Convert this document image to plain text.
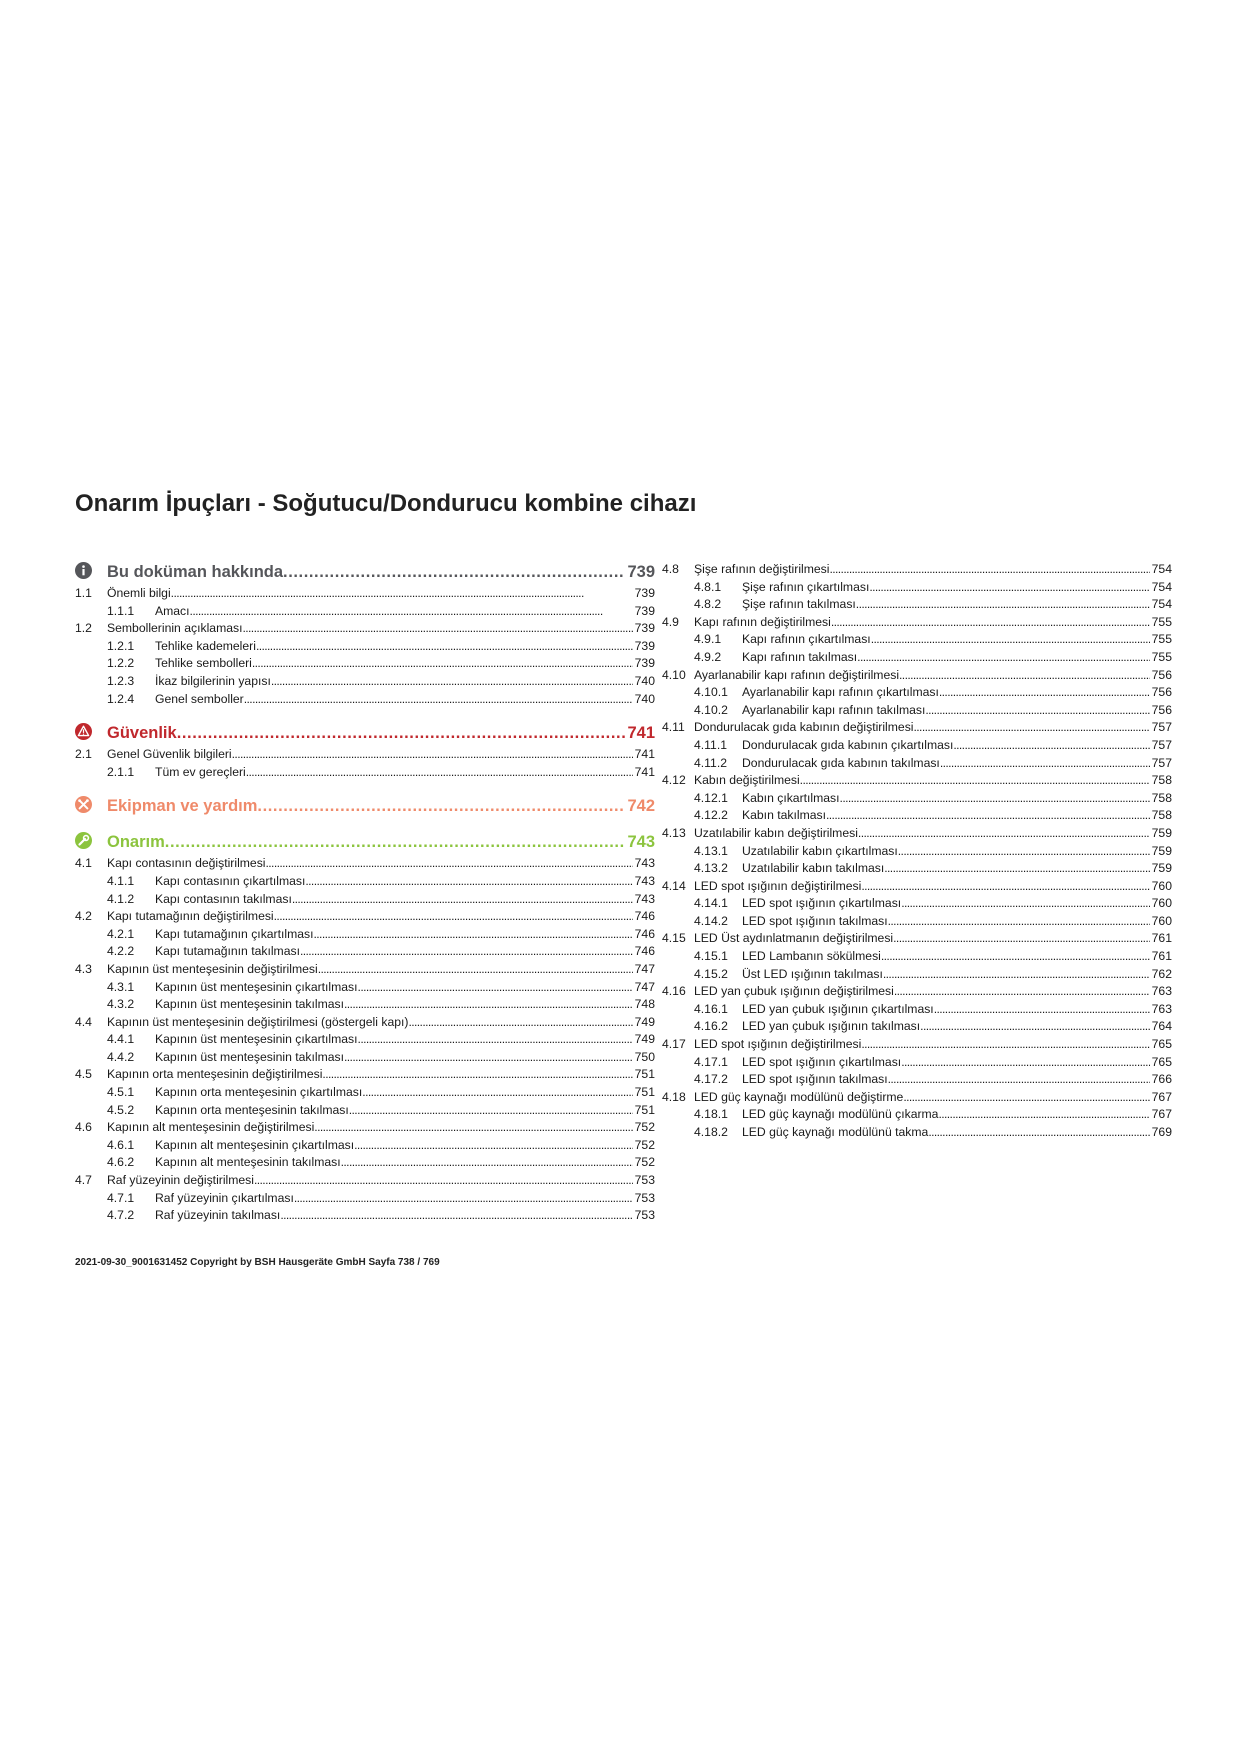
Onarım İpuçları - Soğutucu/Dondurucu kombine cihazı
Bu doküman hakkında . . .	739
1.1	Önemli bilgi . . .	739
1.1.1	Amacı . . .	739
1.2	Sembollerinin açıklaması . . .	739
1.2.1	Tehlike kademeleri . . .	739
1.2.2	Tehlike sembolleri . . .	739
1.2.3	İkaz bilgilerinin yapısı . . .	740
1.2.4	Genel semboller . . .	740
Güvenlik . . .	741
2.1	Genel Güvenlik bilgileri . . .	741
2.1.1	Tüm ev gereçleri . . .	741
Ekipman ve yardım . . .	742
Onarım . . .	743
4.1	Kapı contasının değiştirilmesi . . .	743
4.1.1	Kapı contasının çıkartılması . . .	743
4.1.2	Kapı contasının takılması . . .	743
4.2	Kapı tutamağının değiştirilmesi . . .	746
4.2.1	Kapı tutamağının çıkartılması . . .	746
4.2.2	Kapı tutamağının takılması . . .	746
4.3	Kapının üst menteşesinin değiştirilmesi . . .	747
4.3.1	Kapının üst menteşesinin çıkartılması . . .	747
4.3.2	Kapının üst menteşesinin takılması . . .	748
4.4	Kapının üst menteşesinin değiştirilmesi (göstergeli kapı) . . .	749
4.4.1	Kapının üst menteşesinin çıkartılması . . .	749
4.4.2	Kapının üst menteşesinin takılması . . .	750
4.5	Kapının orta menteşesinin değiştirilmesi . . .	751
4.5.1	Kapının orta menteşesinin çıkartılması . . .	751
4.5.2	Kapının orta menteşesinin takılması . . .	751
4.6	Kapının alt menteşesinin değiştirilmesi . . .	752
4.6.1	Kapının alt menteşesinin çıkartılması . . .	752
4.6.2	Kapının alt menteşesinin takılması . . .	752
4.7	Raf yüzeyinin değiştirilmesi . . .	753
4.7.1	Raf yüzeyinin çıkartılması . . .	753
4.7.2	Raf yüzeyinin takılması . . .	753
4.8	Şişe rafının değiştirilmesi . . .	754
4.8.1	Şişe rafının çıkartılması . . .	754
4.8.2	Şişe rafının takılması . . .	754
4.9	Kapı rafının değiştirilmesi . . .	755
4.9.1	Kapı rafının çıkartılması . . .	755
4.9.2	Kapı rafının takılması . . .	755
4.10 Ayarlanabilir kapı rafının değiştirilmesi . . .	756
4.10.1	Ayarlanabilir kapı rafının çıkartılması . . .	756
4.10.2	Ayarlanabilir kapı rafının takılması . . .	756
4.11 Dondurulacak gıda kabının değiştirilmesi . . .	757
4.11.1	Dondurulacak gıda kabının çıkartılması . . .	757
4.11.2	Dondurulacak gıda kabının takılması . . .	757
4.12 Kabın değiştirilmesi . . .	758
4.12.1	Kabın çıkartılması . . .	758
4.12.2	Kabın takılması . . .	758
4.13 Uzatılabilir kabın değiştirilmesi . . .	759
4.13.1	Uzatılabilir kabın çıkartılması . . .	759
4.13.2	Uzatılabilir kabın takılması . . .	759
4.14 LED spot ışığının değiştirilmesi . . .	760
4.14.1	LED spot ışığının çıkartılması . . .	760
4.14.2	LED spot ışığının takılması . . .	760
4.15 LED Üst aydınlatmanın değiştirilmesi . . .	761
4.15.1	LED Lambanın sökülmesi . . .	761
4.15.2	Üst LED ışığının takılması . . .	762
4.16 LED yan çubuk ışığının değiştirilmesi . . .	763
4.16.1	LED yan çubuk ışığının çıkartılması . . .	763
4.16.2	LED yan çubuk ışığının takılması . . .	764
4.17 LED spot ışığının değiştirilmesi . . .	765
4.17.1	LED spot ışığının çıkartılması . . .	765
4.17.2	LED spot ışığının takılması . . .	766
4.18 LED güç kaynağı modülünü değiştirme . . .	767
4.18.1	LED güç kaynağı modülünü çıkarma . . .	767
4.18.2	LED güç kaynağı modülünü takma . . .	769
2021-09-30_9001631452 Copyright by BSH Hausgeräte GmbH Sayfa 738 / 769
